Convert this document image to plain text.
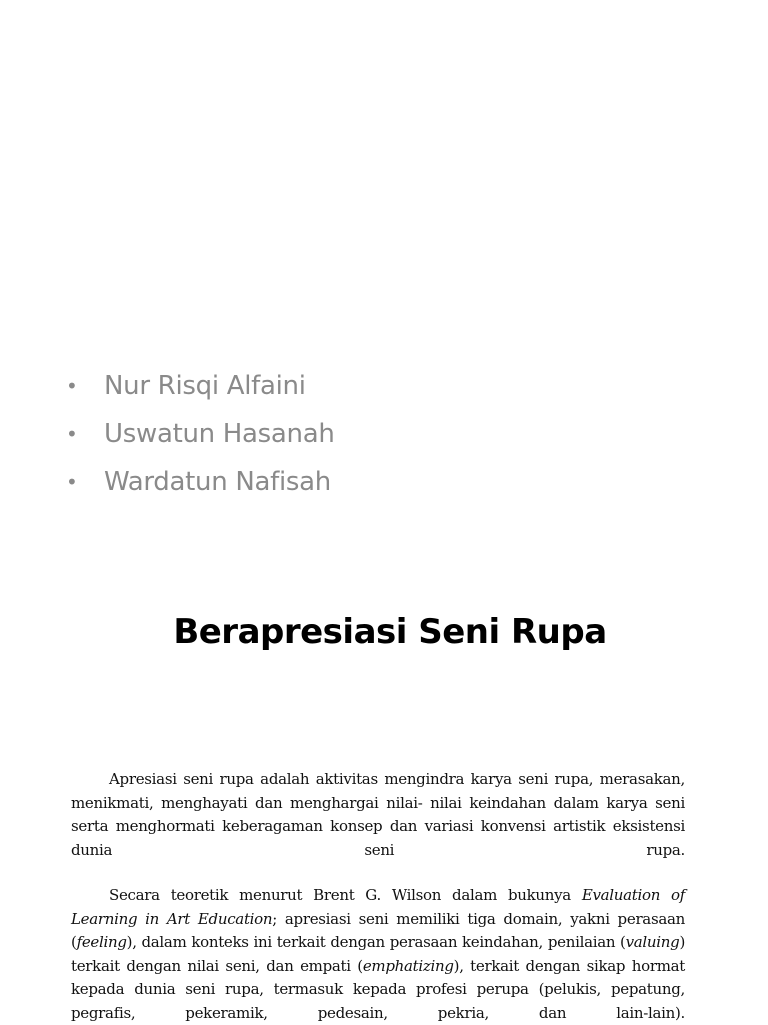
•	Nur Risqi Alfaini
•	Uswatun Hasanah
•	Wardatun Nafisah
Berapresiasi Seni Rupa

Apresiasi seni rupa adalah aktivitas mengindra karya seni rupa, merasakan, menikmati, menghayati dan menghargai nilai- nilai keindahan dalam karya seni serta menghormati keberagaman konsep dan variasi konvensi artistik eksistensi dunia seni rupa.

Secara teoretik menurut Brent G. Wilson dalam bukunya Evaluation of Learning in Art Education; apresiasi seni memiliki tiga domain, yakni perasaan (feeling), dalam konteks ini terkait dengan perasaan keindahan, penilaian (valuing) terkait dengan nilai seni, dan empati (emphatizing), terkait dengan sikap hormat kepada dunia seni rupa, termasuk kepada profesi perupa (pelukis, pepatung, pegrafis, pekeramik, pedesain, pekria, dan lain-lain).
